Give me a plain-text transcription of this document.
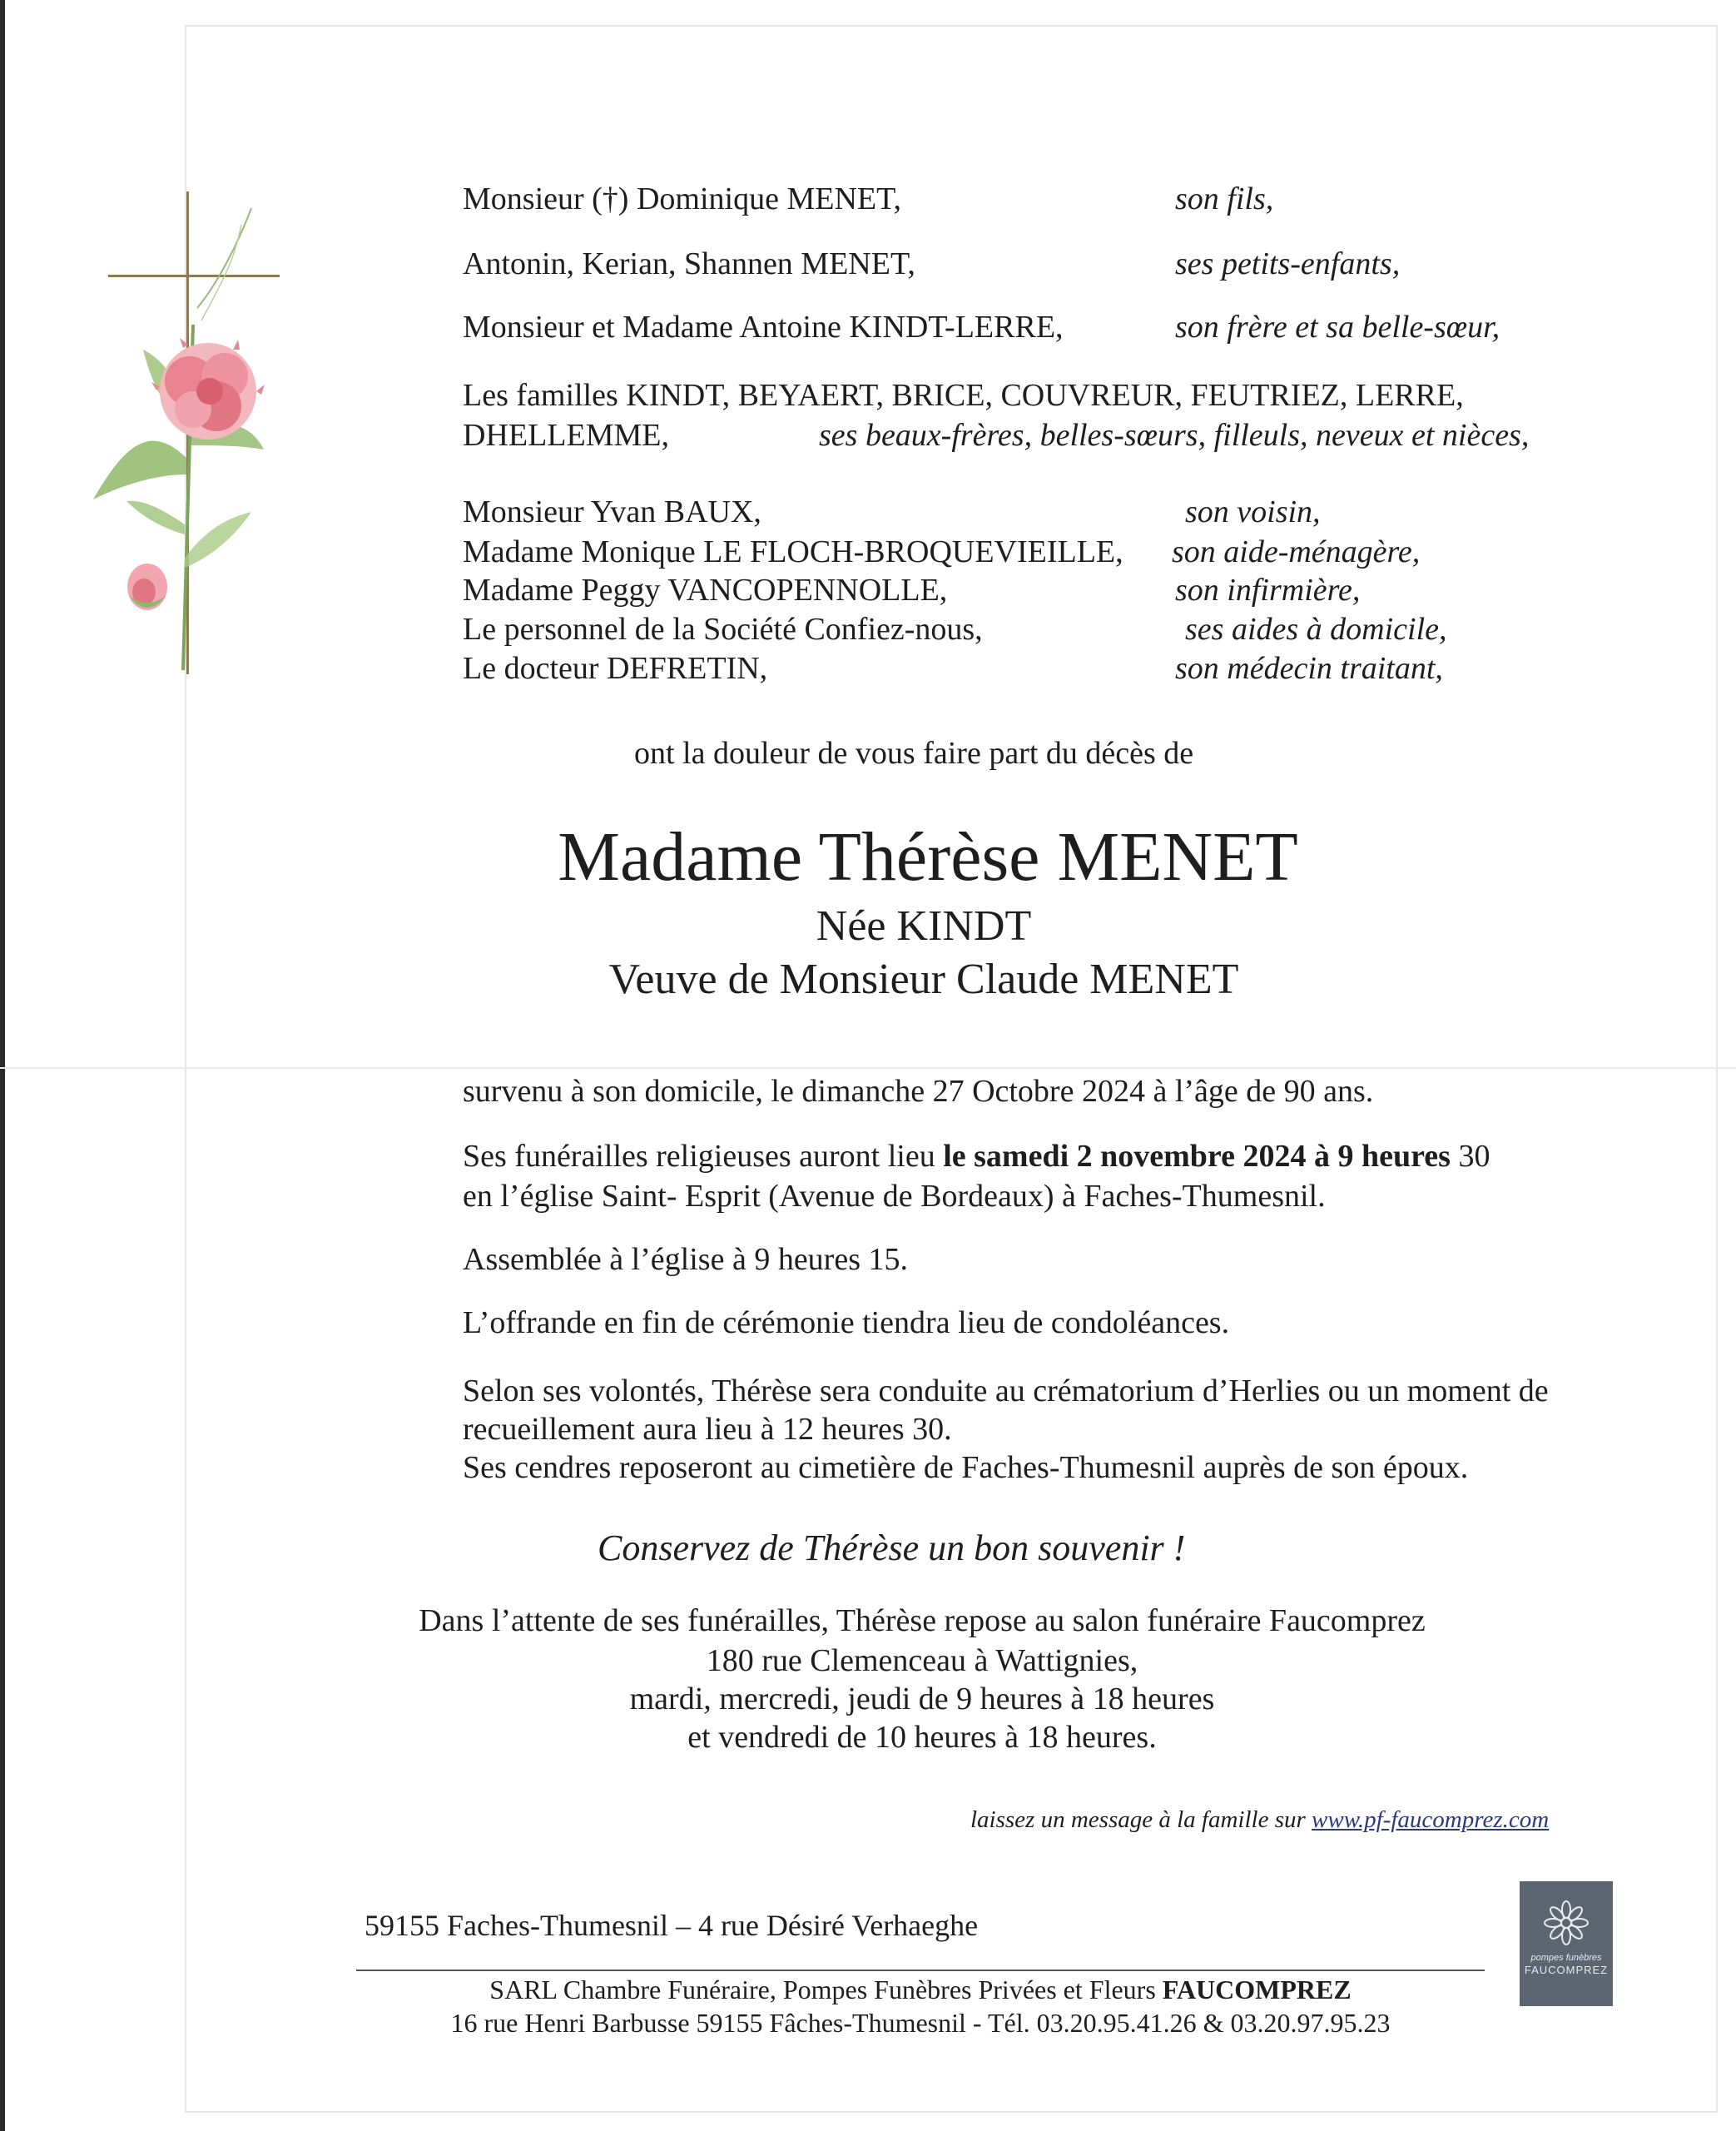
Monsieur (†) Dominique MENET,	son fils,
Antonin, Kerian, Shannen MENET,	ses petits-enfants,
Monsieur et Madame Antoine KINDT-LERRE,	son frère et sa belle-sœur,
Les familles KINDT, BEYAERT, BRICE, COUVREUR, FEUTRIEZ, LERRE,
DHELLEMME,	ses beaux-frères, belles-sœurs, filleuls, neveux et nièces,
Monsieur Yvan BAUX,	son voisin,
Madame Monique LE FLOCH-BROQUEVIEILLE, son aide-ménagère,
Madame Peggy VANCOPENNOLLE,	son infirmière,
Le personnel de la Société Confiez-nous,	ses aides à domicile,
Le docteur DEFRETIN,	son médecin traitant,
ont la douleur de vous faire part du décès de
Madame Thérèse MENET
Née KINDT
Veuve de Monsieur Claude MENET
survenu à son domicile, le dimanche 27 Octobre 2024 à l’âge de 90 ans.
Ses funérailles religieuses auront lieu le samedi 2 novembre 2024 à 9 heures 30
en l’église Saint- Esprit (Avenue de Bordeaux) à Faches-Thumesnil.
Assemblée à l’église à 9 heures 15.
L’offrande en fin de cérémonie tiendra lieu de condoléances.
Selon ses volontés, Thérèse sera conduite au crématorium d’Herlies ou un moment de
recueillement aura lieu à 12 heures 30.
Ses cendres reposeront au cimetière de Faches-Thumesnil auprès de son époux.
Conservez de Thérèse un bon souvenir !
Dans l’attente de ses funérailles, Thérèse repose au salon funéraire Faucomprez
180 rue Clemenceau à Wattignies,
mardi, mercredi, jeudi de 9 heures à 18 heures
et vendredi de 10 heures à 18 heures.
laissez un message à la famille sur www.pf-faucomprez.com
59155 Faches-Thumesnil – 4 rue Désiré Verhaeghe
SARL Chambre Funéraire, Pompes Funèbres Privées et Fleurs FAUCOMPREZ
16 rue Henri Barbusse 59155 Fâches-Thumesnil - Tél. 03.20.95.41.26 & 03.20.97.95.23
pompes funèbres
FAUCOMPREZ
